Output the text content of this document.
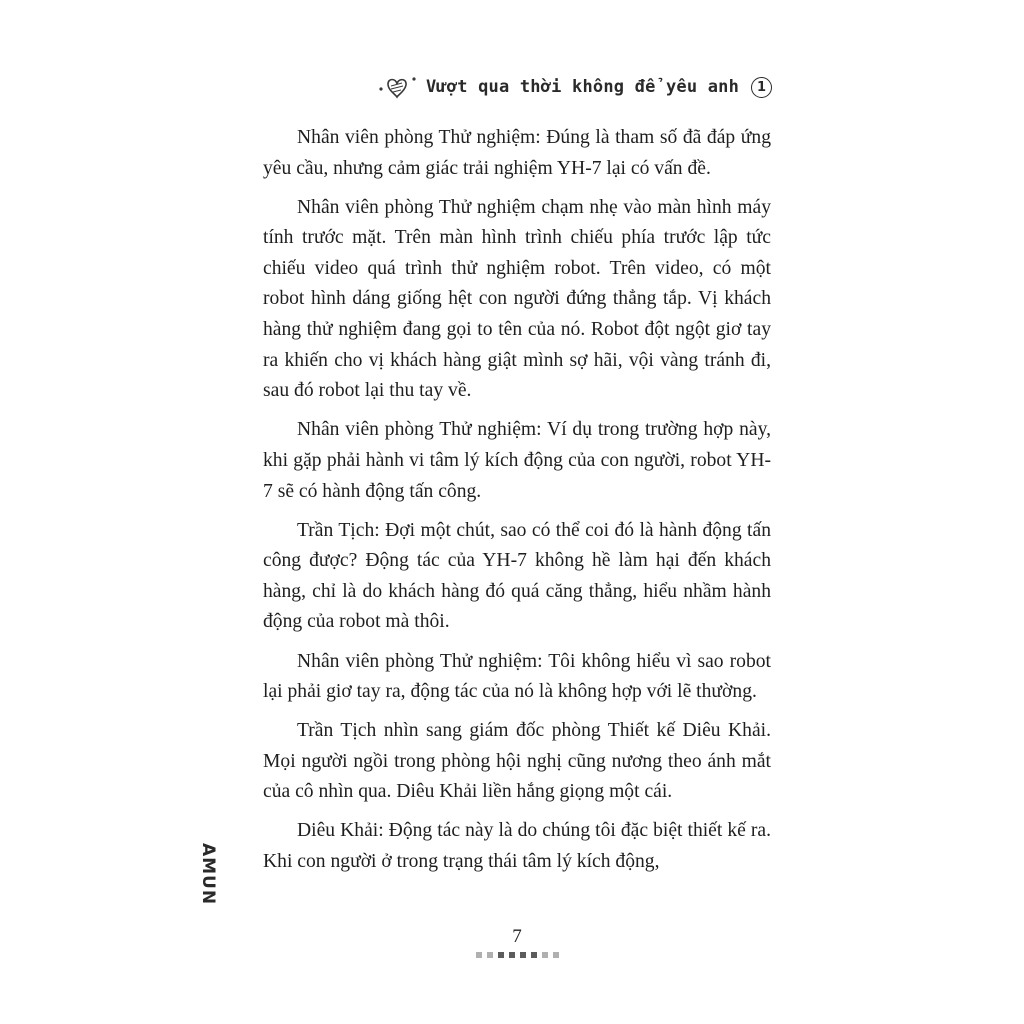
Vượt qua thời không để yêu anh	1

Nhân viên phòng Thử nghiệm: Đúng là tham số đã đáp ứng yêu cầu, nhưng cảm giác trải nghiệm YH-7 lại có vấn đề.

Nhân viên phòng Thử nghiệm chạm nhẹ vào màn hình máy tính trước mặt. Trên màn hình trình chiếu phía trước lập tức chiếu video quá trình thử nghiệm robot. Trên video, có một robot hình dáng giống hệt con người đứng thẳng tắp. Vị khách hàng thử nghiệm đang gọi to tên của nó. Robot đột ngột giơ tay ra khiến cho vị khách hàng giật mình sợ hãi, vội vàng tránh đi, sau đó robot lại thu tay về.

Nhân viên phòng Thử nghiệm: Ví dụ trong trường hợp này, khi gặp phải hành vi tâm lý kích động của con người, robot YH-7 sẽ có hành động tấn công.

Trần Tịch: Đợi một chút, sao có thể coi đó là hành động tấn công được? Động tác của YH-7 không hề làm hại đến khách hàng, chỉ là do khách hàng đó quá căng thẳng, hiểu nhầm hành động của robot mà thôi.

Nhân viên phòng Thử nghiệm: Tôi không hiểu vì sao robot lại phải giơ tay ra, động tác của nó là không hợp với lẽ thường.

Trần Tịch nhìn sang giám đốc phòng Thiết kế Diêu Khải. Mọi người ngồi trong phòng hội nghị cũng nương theo ánh mắt của cô nhìn qua. Diêu Khải liền hắng giọng một cái.

Diêu Khải: Động tác này là do chúng tôi đặc biệt thiết kế ra. Khi con người ở trong trạng thái tâm lý kích động,

AMUN
7
